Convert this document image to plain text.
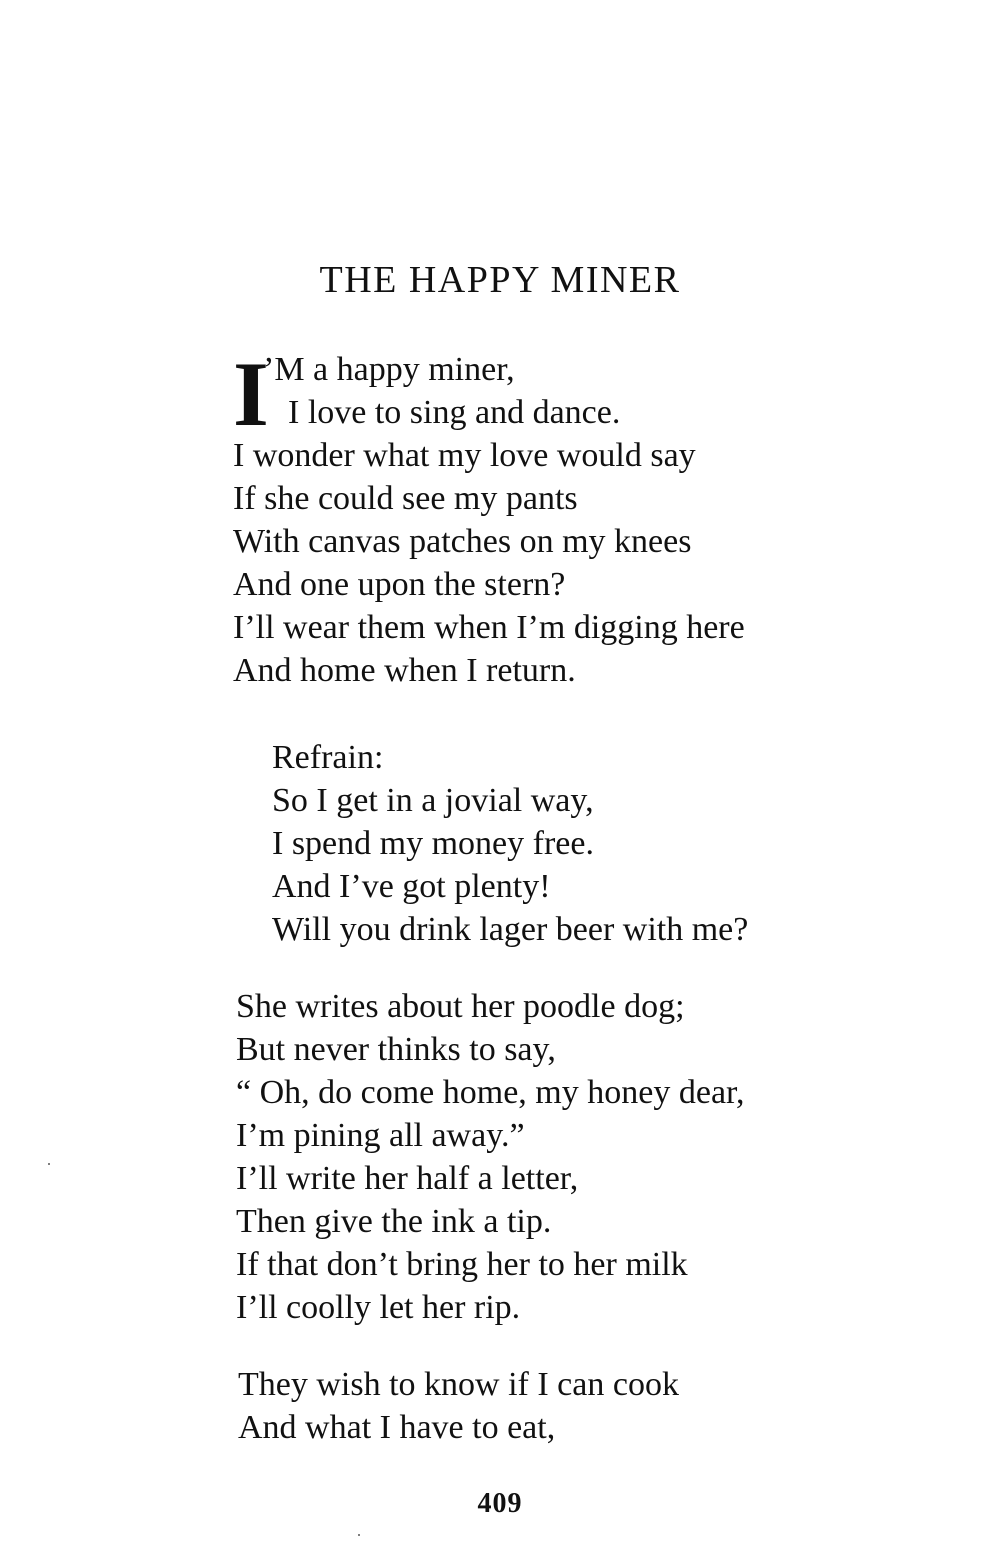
THE HAPPY MINER
I
’M a happy miner,
I love to sing and dance.
I wonder what my love would say
If she could see my pants
With canvas patches on my knees
And one upon the stern?
I’ll wear them when I’m digging here
And home when I return.
Refrain:
So I get in a jovial way,
I spend my money free.
And I’ve got plenty!
Will you drink lager beer with me?
She writes about her poodle dog;
But never thinks to say,
“ Oh, do come home, my honey dear,
I’m pining all away.”
I’ll write her half a letter,
Then give the ink a tip.
If that don’t bring her to her milk
I’ll coolly let her rip.
They wish to know if I can cook
And what I have to eat,
409
